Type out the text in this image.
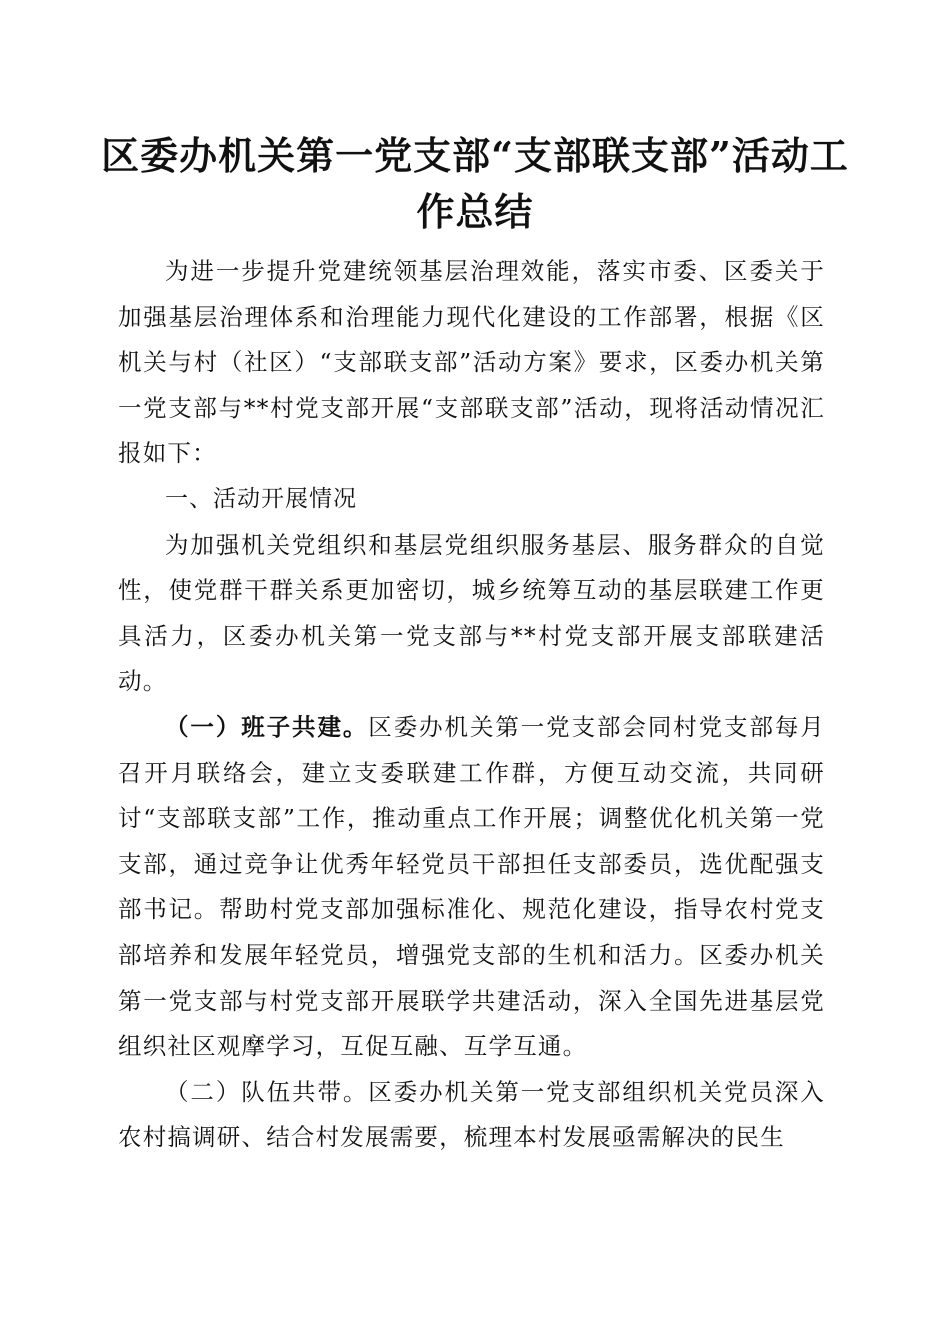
区委办机关第一党支部“支部联支部”活动工
作总结

为进一步提升党建统领基层治理效能，落实市委、区委关于加强基层治理体系和治理能力现代化建设的工作部署，根据《区机关与村（社区）“支部联支部”活动方案》要求，区委办机关第一党支部与**村党支部开展“支部联支部”活动，现将活动情况汇报如下：

一、活动开展情况

为加强机关党组织和基层党组织服务基层、服务群众的自觉性，使党群干群关系更加密切，城乡统筹互动的基层联建工作更具活力，区委办机关第一党支部与**村党支部开展支部联建活动。

（一）班子共建。区委办机关第一党支部会同村党支部每月召开月联络会，建立支委联建工作群，方便互动交流，共同研讨“支部联支部”工作，推动重点工作开展；调整优化机关第一党支部，通过竞争让优秀年轻党员干部担任支部委员，选优配强支部书记。帮助村党支部加强标准化、规范化建设，指导农村党支部培养和发展年轻党员，增强党支部的生机和活力。区委办机关第一党支部与村党支部开展联学共建活动，深入全国先进基层党组织社区观摩学习，互促互融、互学互通。

（二）队伍共带。区委办机关第一党支部组织机关党员深入农村搞调研、结合村发展需要，梳理本村发展亟需解决的民生
